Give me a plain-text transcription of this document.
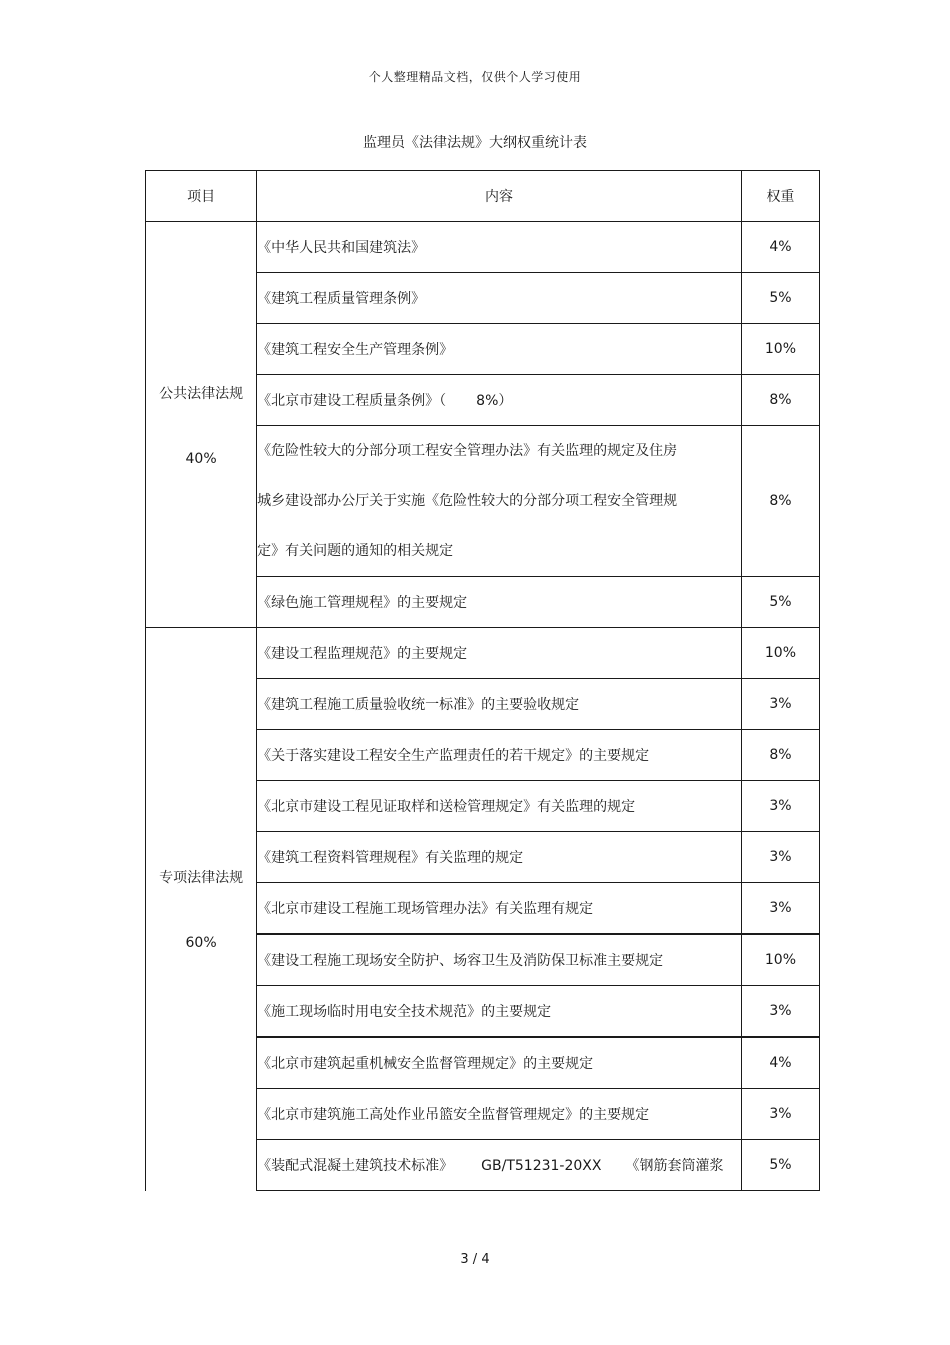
个人整理精品文档，仅供个人学习使用
监理员《法律法规》大纲权重统计表
项目	内容	权重

公共法律法规
40%	《中华人民共和国建筑法》	4%
	《建筑工程质量管理条例》	5%
	《建筑工程安全生产管理条例》	10%
	《北京市建设工程质量条例》（ 8%）	8%
	《危险性较大的分部分项工程安全管理办法》有关监理的规定及住房城乡建设部办公厅关于实施《危险性较大的分部分项工程安全管理规定》有关问题的通知的相关规定	8%
	《绿色施工管理规程》的主要规定	5%

专项法律法规
60%	《建设工程监理规范》的主要规定	10%
	《建筑工程施工质量验收统一标准》的主要验收规定	3%
	《关于落实建设工程安全生产监理责任的若干规定》的主要规定	8%
	《北京市建设工程见证取样和送检管理规定》有关监理的规定	3%
	《建筑工程资料管理规程》有关监理的规定	3%
	《北京市建设工程施工现场管理办法》有关监理有规定	3%
	《建设工程施工现场安全防护、场容卫生及消防保卫标准主要规定	10%
	《施工现场临时用电安全技术规范》的主要规定	3%
	《北京市建筑起重机械安全监督管理规定》的主要规定	4%
	《北京市建筑施工高处作业吊篮安全监督管理规定》的主要规定	3%
	《装配式混凝土建筑技术标准》 GB/T51231-20XX 《钢筋套筒灌浆	5%
3 / 4
